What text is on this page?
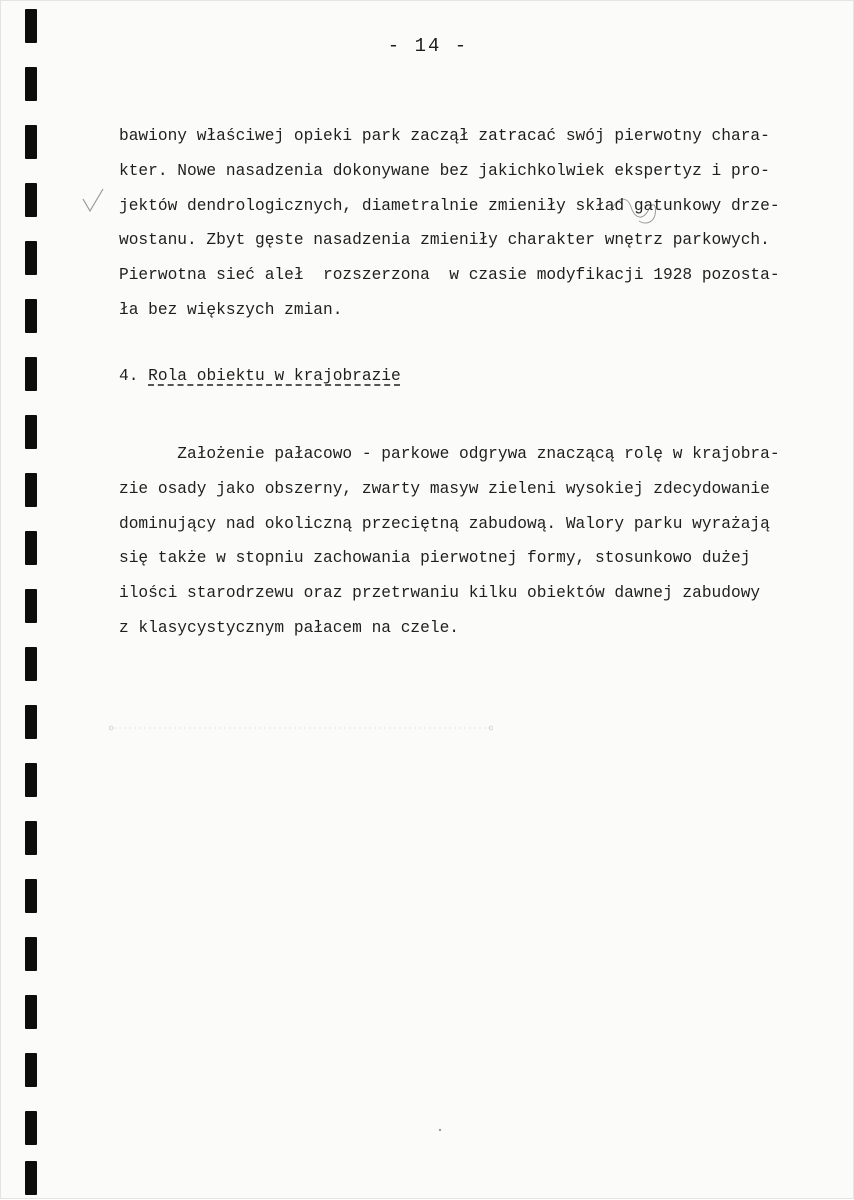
- 14 -
bawiony właściwej opieki park zaczął zatracać swój pierwotny chara-
kter. Nowe nasadzenia dokonywane bez jakichkolwiek ekspertyz i pro-
jektów dendrologicznych, diametralnie zmieniły skład gatunkowy drze-
wostanu. Zbyt gęste nasadzenia zmieniły charakter wnętrz parkowych.
Pierwotna sieć aleł  rozszerzona  w czasie modyfikacji 1928 pozosta-
ła bez większych zmian.
4. Rola obiektu w krajobrazie
Założenie pałacowo - parkowe odgrywa znaczącą rolę w krajobra-
zie osady jako obszerny, zwarty masyw zieleni wysokiej zdecydowanie
dominujący nad okoliczną przeciętną zabudową. Walory parku wyrażają
się także w stopniu zachowania pierwotnej formy, stosunkowo dużej
ilości starodrzewu oraz przetrwaniu kilku obiektów dawnej zabudowy
z klasycystycznym pałacem na czele.
